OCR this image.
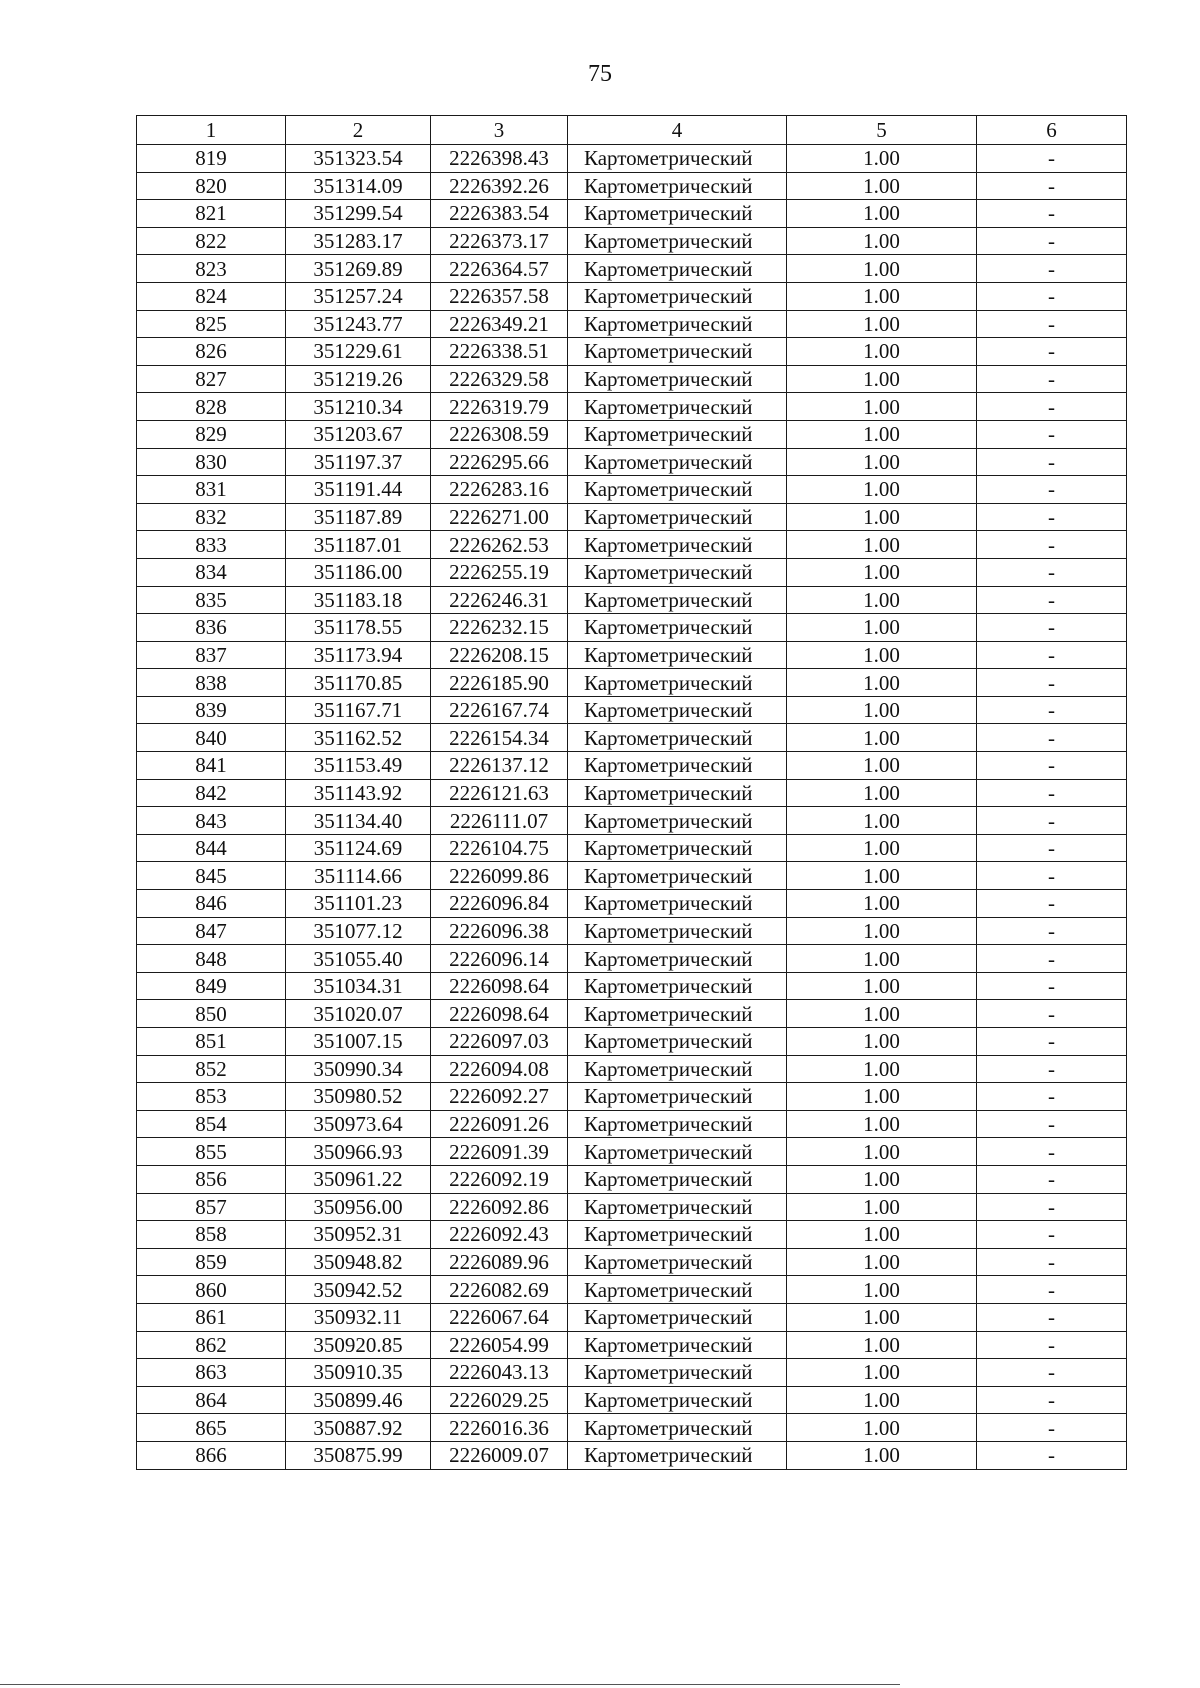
75
1	2	3	4	5	6
819	351323.54	2226398.43	Картометрический	1.00	-
820	351314.09	2226392.26	Картометрический	1.00	-
821	351299.54	2226383.54	Картометрический	1.00	-
822	351283.17	2226373.17	Картометрический	1.00	-
823	351269.89	2226364.57	Картометрический	1.00	-
824	351257.24	2226357.58	Картометрический	1.00	-
825	351243.77	2226349.21	Картометрический	1.00	-
826	351229.61	2226338.51	Картометрический	1.00	-
827	351219.26	2226329.58	Картометрический	1.00	-
828	351210.34	2226319.79	Картометрический	1.00	-
829	351203.67	2226308.59	Картометрический	1.00	-
830	351197.37	2226295.66	Картометрический	1.00	-
831	351191.44	2226283.16	Картометрический	1.00	-
832	351187.89	2226271.00	Картометрический	1.00	-
833	351187.01	2226262.53	Картометрический	1.00	-
834	351186.00	2226255.19	Картометрический	1.00	-
835	351183.18	2226246.31	Картометрический	1.00	-
836	351178.55	2226232.15	Картометрический	1.00	-
837	351173.94	2226208.15	Картометрический	1.00	-
838	351170.85	2226185.90	Картометрический	1.00	-
839	351167.71	2226167.74	Картометрический	1.00	-
840	351162.52	2226154.34	Картометрический	1.00	-
841	351153.49	2226137.12	Картометрический	1.00	-
842	351143.92	2226121.63	Картометрический	1.00	-
843	351134.40	2226111.07	Картометрический	1.00	-
844	351124.69	2226104.75	Картометрический	1.00	-
845	351114.66	2226099.86	Картометрический	1.00	-
846	351101.23	2226096.84	Картометрический	1.00	-
847	351077.12	2226096.38	Картометрический	1.00	-
848	351055.40	2226096.14	Картометрический	1.00	-
849	351034.31	2226098.64	Картометрический	1.00	-
850	351020.07	2226098.64	Картометрический	1.00	-
851	351007.15	2226097.03	Картометрический	1.00	-
852	350990.34	2226094.08	Картометрический	1.00	-
853	350980.52	2226092.27	Картометрический	1.00	-
854	350973.64	2226091.26	Картометрический	1.00	-
855	350966.93	2226091.39	Картометрический	1.00	-
856	350961.22	2226092.19	Картометрический	1.00	-
857	350956.00	2226092.86	Картометрический	1.00	-
858	350952.31	2226092.43	Картометрический	1.00	-
859	350948.82	2226089.96	Картометрический	1.00	-
860	350942.52	2226082.69	Картометрический	1.00	-
861	350932.11	2226067.64	Картометрический	1.00	-
862	350920.85	2226054.99	Картометрический	1.00	-
863	350910.35	2226043.13	Картометрический	1.00	-
864	350899.46	2226029.25	Картометрический	1.00	-
865	350887.92	2226016.36	Картометрический	1.00	-
866	350875.99	2226009.07	Картометрический	1.00	-
